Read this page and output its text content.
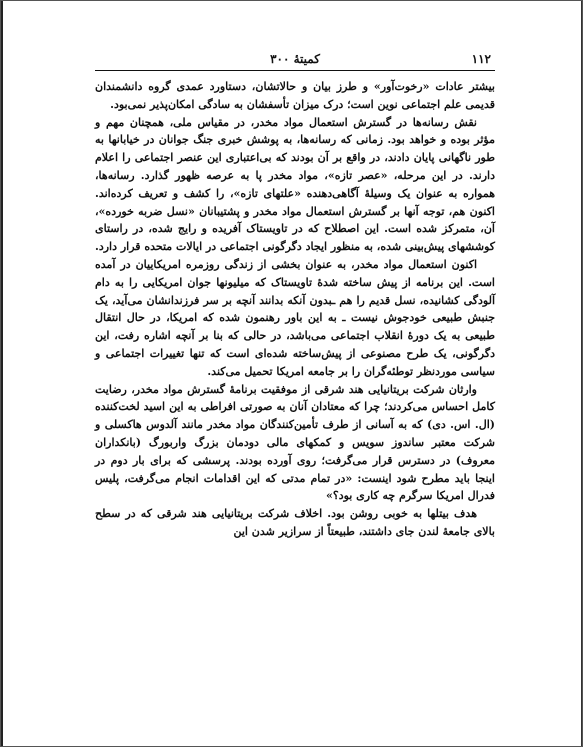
۱۱۲
کمیتهٔ ۳۰۰

بیشتر عادات «رخوت‌آور» و طرز بیان و حالاتشان، دستاورد عمدی گروه دانشمندان قدیمی علم اجتماعی نوین است؛ درک میزان تأسفشان به سادگی امکان‌پذیر نمی‌بود.

نقش رسانه‌ها در گسترش استعمال مواد مخدر، در مقیاس ملی، همچنان مهم و مؤثر بوده و خواهد بود. زمانی که رسانه‌ها، به پوشش خبری جنگ جوانان در خیابانها به طور ناگهانی پایان دادند، در واقع بر آن بودند که بی‌اعتباری این عنصر اجتماعی را اعلام دارند. در این مرحله، «عصر تازه»، مواد مخدر پا به عرصه ظهور گذارد. رسانه‌ها، همواره به عنوان یک وسیلهٔ آگاهی‌دهنده «علتهای تازه»، را کشف و تعریف کرده‌اند. اکنون هم، توجه آنها بر گسترش استعمال مواد مخدر و پشتیبانان «نسل ضربه خورده»، آن، متمرکز شده است. این اصطلاح که در تاویستاک آفریده و رایج شده، در راستای کوششهای پیش‌بینی شده، به منظور ایجاد دگرگونی اجتماعی در ایالات متحده قرار دارد.

اکنون استعمال مواد مخدر، به عنوان بخشی از زندگی روزمره امریکاییان در آمده است. این برنامه از پیش ساخته شدهٔ تاویستاک که میلیونها جوان امریکایی را به دام آلودگی کشانیده، نسل قدیم را هم ـبدون آنکه بدانند آنچه بر سر فرزندانشان می‌آید، یک جنبش طبیعی خودجوش نیست ـ به این باور رهنمون شده که امریکا، در حال انتقال طبیعی به یک دورهٔ انقلاب اجتماعی می‌باشد، در حالی که بنا بر آنچه اشاره رفت، این دگرگونی، یک طرح مصنوعی از پیش‌ساخته شده‌ای است که تنها تغییرات اجتماعی و سیاسی موردنظر توطئه‌گران را بر جامعه امریکا تحمیل می‌کند.

وارثان شرکت بریتانیایی هند شرقی از موفقیت برنامهٔ گسترش مواد مخدر، رضایت کامل احساس می‌کردند؛ چرا که معتادان آنان به صورتی افراطی به این اسید لخت‌کننده (ال. اس. دی) که به آسانی از طرف تأمین‌کنندگان مواد مخدر مانند آلدوس هاکسلی و شرکت معتبر ساندوز سویس و کمکهای مالی دودمان بزرگ واربورگ (بانکداران معروف) در دسترس قرار می‌گرفت؛ روی آورده بودند. پرسشی که برای بار دوم در اینجا باید مطرح شود اینست: «در تمام مدتی که این اقدامات انجام می‌گرفت، پلیس فدرال امریکا سرگرم چه کاری بود؟»

هدف بیتلها به خوبی روشن بود. اخلاف شرکت بریتانیایی هند شرقی که در سطح بالای جامعهٔ لندن جای داشتند، طبیعتاً از سرازیر شدن این
